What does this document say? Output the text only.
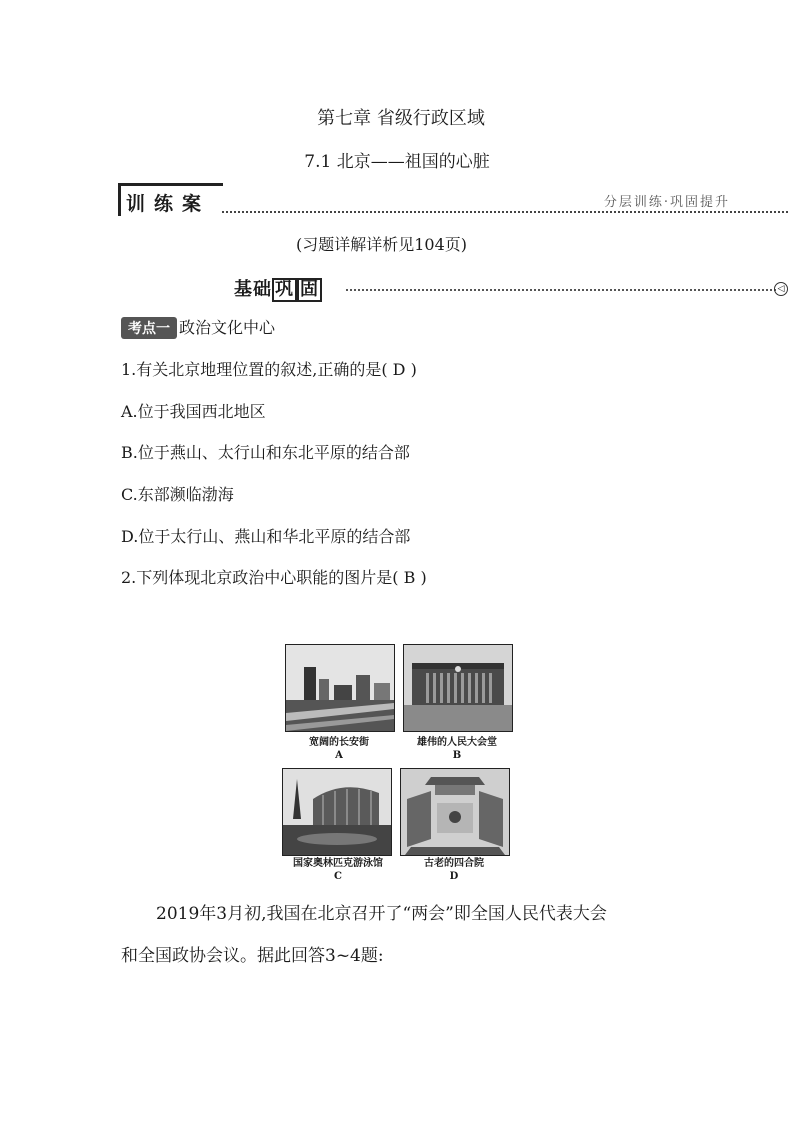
第七章 省级行政区域
7.1 北京——祖国的心脏
训练案	分层训练·巩固提升
(习题详解详析见104页)
基础 巩 固	◁
考点一 政治文化中心
1.有关北京地理位置的叙述,正确的是( D )
A.位于我国西北地区
B.位于燕山、太行山和东北平原的结合部
C.东部濒临渤海
D.位于太行山、燕山和华北平原的结合部
2.下列体现北京政治中心职能的图片是( B )
宽阔的长安街
A
雄伟的人民大会堂
B
国家奥林匹克游泳馆
C
古老的四合院
D
2019年3月初,我国在北京召开了“两会”即全国人民代表大会
和全国政协会议。据此回答3~4题:
